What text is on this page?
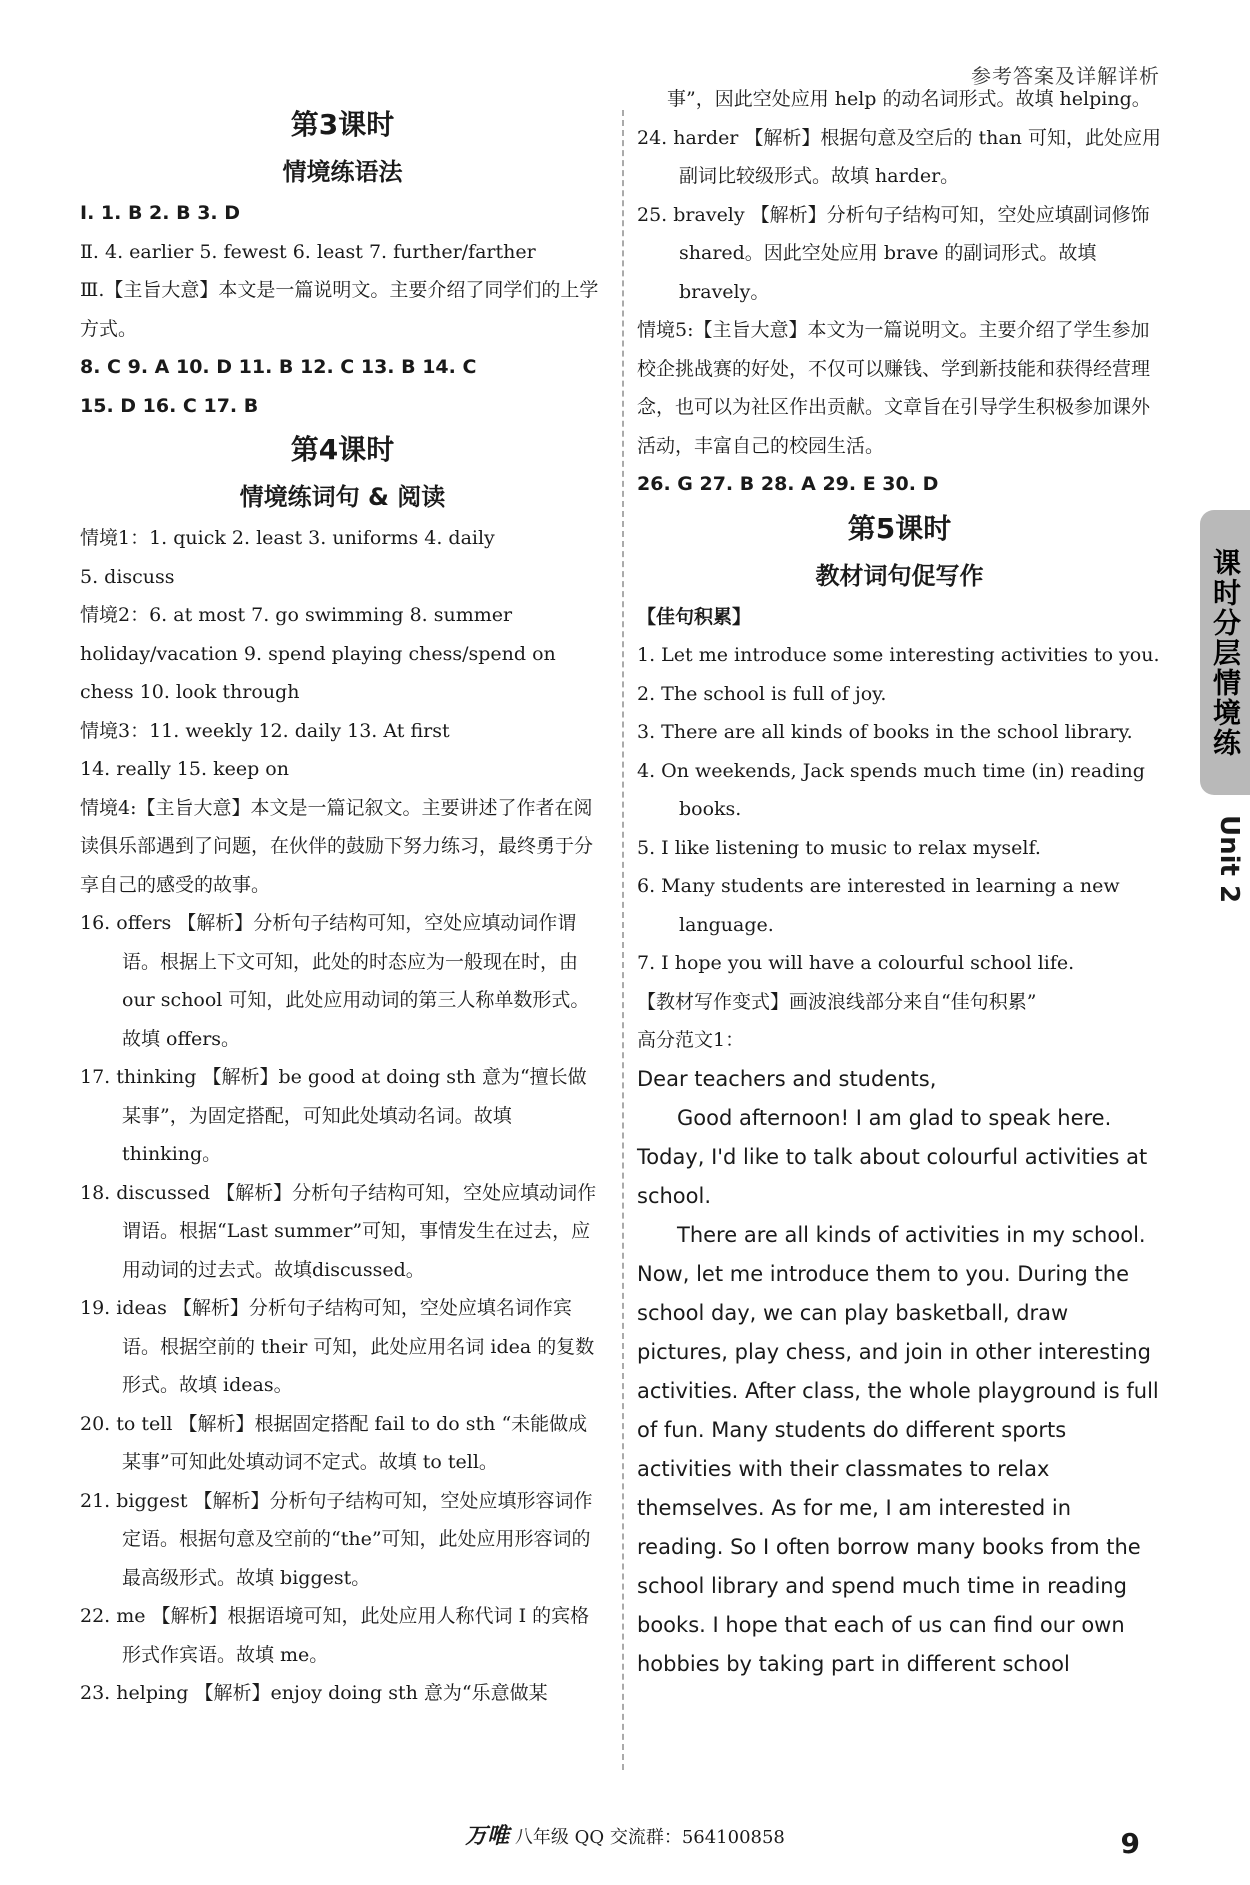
参考答案及详解详析
第3课时
情境练语法

Ⅰ. 1. B 2. B 3. D

Ⅱ. 4. earlier 5. fewest 6. least 7. further/farther

Ⅲ.【主旨大意】本文是一篇说明文。主要介绍了同学们的上学方式。

8. C 9. A 10. D 11. B 12. C 13. B 14. C

15. D 16. C 17. B

第4课时
情境练词句 & 阅读

情境1：1. quick 2. least 3. uniforms 4. daily

5. discuss

情境2：6. at most 7. go swimming 8. summer holiday/vacation 9. spend playing chess/spend on chess 10. look through

情境3：11. weekly 12. daily 13. At first

14. really 15. keep on

情境4:【主旨大意】本文是一篇记叙文。主要讲述了作者在阅读俱乐部遇到了问题，在伙伴的鼓励下努力练习，最终勇于分享自己的感受的故事。

16. offers 【解析】分析句子结构可知，空处应填动词作谓语。根据上下文可知，此处的时态应为一般现在时，由 our school 可知，此处应用动词的第三人称单数形式。故填 offers。

17. thinking 【解析】be good at doing sth 意为“擅长做某事”，为固定搭配，可知此处填动名词。故填 thinking。

18. discussed 【解析】分析句子结构可知，空处应填动词作谓语。根据“Last summer”可知，事情发生在过去，应用动词的过去式。故填discussed。

19. ideas 【解析】分析句子结构可知，空处应填名词作宾语。根据空前的 their 可知，此处应用名词 idea 的复数形式。故填 ideas。

20. to tell 【解析】根据固定搭配 fail to do sth “未能做成某事”可知此处填动词不定式。故填 to tell。

21. biggest 【解析】分析句子结构可知，空处应填形容词作定语。根据句意及空前的“the”可知，此处应用形容词的最高级形式。故填 biggest。

22. me 【解析】根据语境可知，此处应用人称代词 I 的宾格形式作宾语。故填 me。

23. helping 【解析】enjoy doing sth 意为“乐意做某

事”，因此空处应用 help 的动名词形式。故填 helping。

24. harder 【解析】根据句意及空后的 than 可知，此处应用副词比较级形式。故填 harder。

25. bravely 【解析】分析句子结构可知，空处应填副词修饰 shared。因此空处应用 brave 的副词形式。故填 bravely。

情境5:【主旨大意】本文为一篇说明文。主要介绍了学生参加校企挑战赛的好处，不仅可以赚钱、学到新技能和获得经营理念，也可以为社区作出贡献。文章旨在引导学生积极参加课外活动，丰富自己的校园生活。

26. G 27. B 28. A 29. E 30. D

第5课时
教材词句促写作

【佳句积累】

1. Let me introduce some interesting activities to you.

2. The school is full of joy.

3. There are all kinds of books in the school library.

4. On weekends, Jack spends much time (in) reading books.

5. I like listening to music to relax myself.

6. Many students are interested in learning a new language.

7. I hope you will have a colourful school life.

【教材写作变式】画波浪线部分来自“佳句积累”

高分范文1：

Dear teachers and students,

Good afternoon! I am glad to speak here. Today, I'd like to talk about colourful activities at school.

There are all kinds of activities in my school. Now, let me introduce them to you. During the school day, we can play basketball, draw pictures, play chess, and join in other interesting activities. After class, the whole playground is full of fun. Many students do different sports activities with their classmates to relax themselves. As for me, I am interested in reading. So I often borrow many books from the school library and spend much time in reading books. I hope that each of us can find our own hobbies by taking part in different school

课时分层情境练
Unit 2
万唯 八年级 QQ 交流群：564100858	9
